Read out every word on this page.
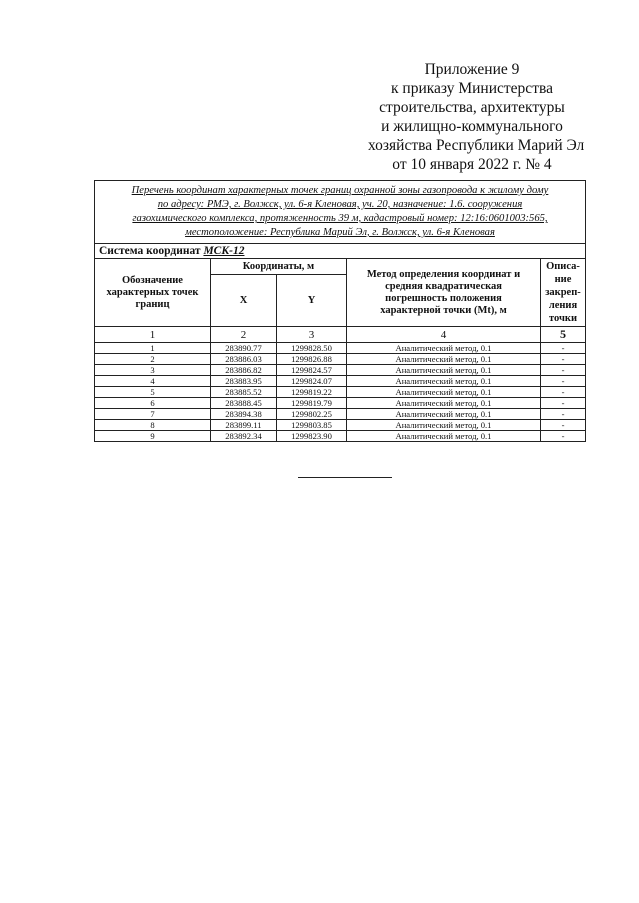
Приложение 9
к приказу Министерства
строительства, архитектуры
и жилищно-коммунального
хозяйства Республики Марий Эл
от 10 января 2022 г. № 4
Перечень координат характерных точек границ охранной зоны газопровода к жилому дому
по адресу: РМЭ, г. Волжск, ул. 6-я Кленовая, уч. 20, назначение: 1.6. сооружения
газохимического комплекса, протяженность 39 м, кадастровый номер: 12:16:0601003:565,
местоположение: Республика Марий Эл, г. Волжск, ул. 6-я Кленовая				

Система координат МСК-12				
Обозначение характерных точек границ	Координаты, м		Метод определения координат и средняя квадратическая погрешность положения характерной точки (Mt), м	Описа-ние закреп-ления точки
	X	Y		
1	2	3	4	5
1	283890.77	1299828.50	Аналитический метод, 0.1	-
2	283886.03	1299826.88	Аналитический метод, 0.1	-
3	283886.82	1299824.57	Аналитический метод, 0.1	-
4	283883.95	1299824.07	Аналитический метод, 0.1	-
5	283885.52	1299819.22	Аналитический метод, 0.1	-
6	283888.45	1299819.79	Аналитический метод, 0.1	-
7	283894.38	1299802.25	Аналитический метод, 0.1	-
8	283899.11	1299803.85	Аналитический метод, 0.1	-
9	283892.34	1299823.90	Аналитический метод, 0.1	-
